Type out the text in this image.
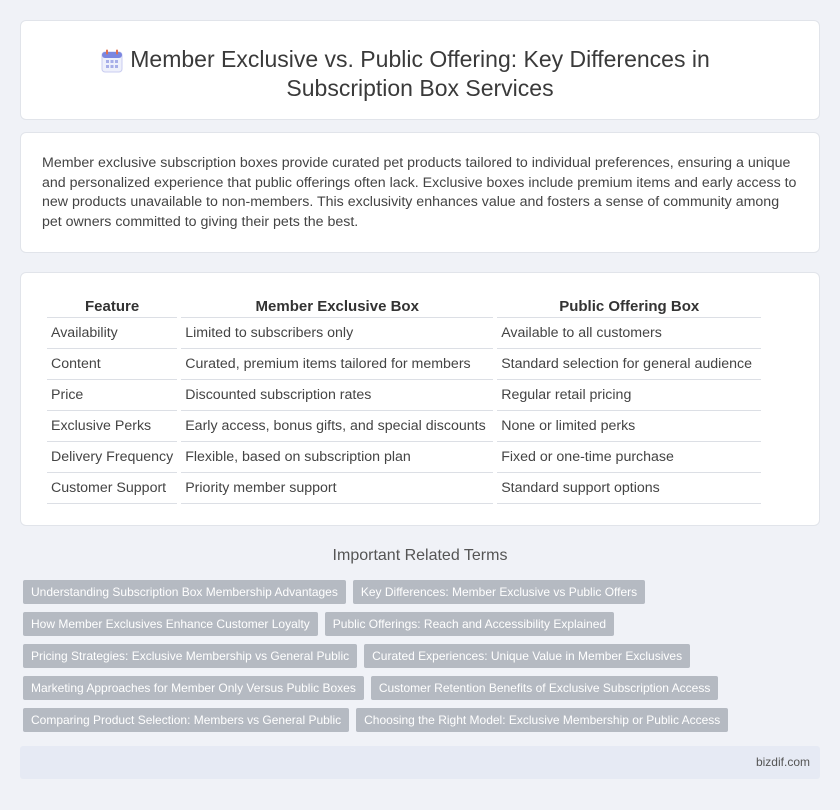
Member Exclusive vs. Public Offering: Key Differences in
Subscription Box Services

Member exclusive subscription boxes provide curated pet products tailored to individual preferences, ensuring a unique and personalized experience that public offerings often lack. Exclusive boxes include premium items and early access to new products unavailable to non-members. This exclusivity enhances value and fosters a sense of community among pet owners committed to giving their pets the best.

Feature	Member Exclusive Box	Public Offering Box
Availability	Limited to subscribers only	Available to all customers
Content	Curated, premium items tailored for members	Standard selection for general audience
Price	Discounted subscription rates	Regular retail pricing
Exclusive Perks	Early access, bonus gifts, and special discounts	None or limited perks
Delivery Frequency	Flexible, based on subscription plan	Fixed or one-time purchase
Customer Support	Priority member support	Standard support options
Important Related Terms
Understanding Subscription Box Membership Advantages	Key Differences: Member Exclusive vs Public Offers
How Member Exclusives Enhance Customer Loyalty	Public Offerings: Reach and Accessibility Explained
Pricing Strategies: Exclusive Membership vs General Public	Curated Experiences: Unique Value in Member Exclusives
Marketing Approaches for Member Only Versus Public Boxes	Customer Retention Benefits of Exclusive Subscription Access
Comparing Product Selection: Members vs General Public	Choosing the Right Model: Exclusive Membership or Public Access
bizdif.com
